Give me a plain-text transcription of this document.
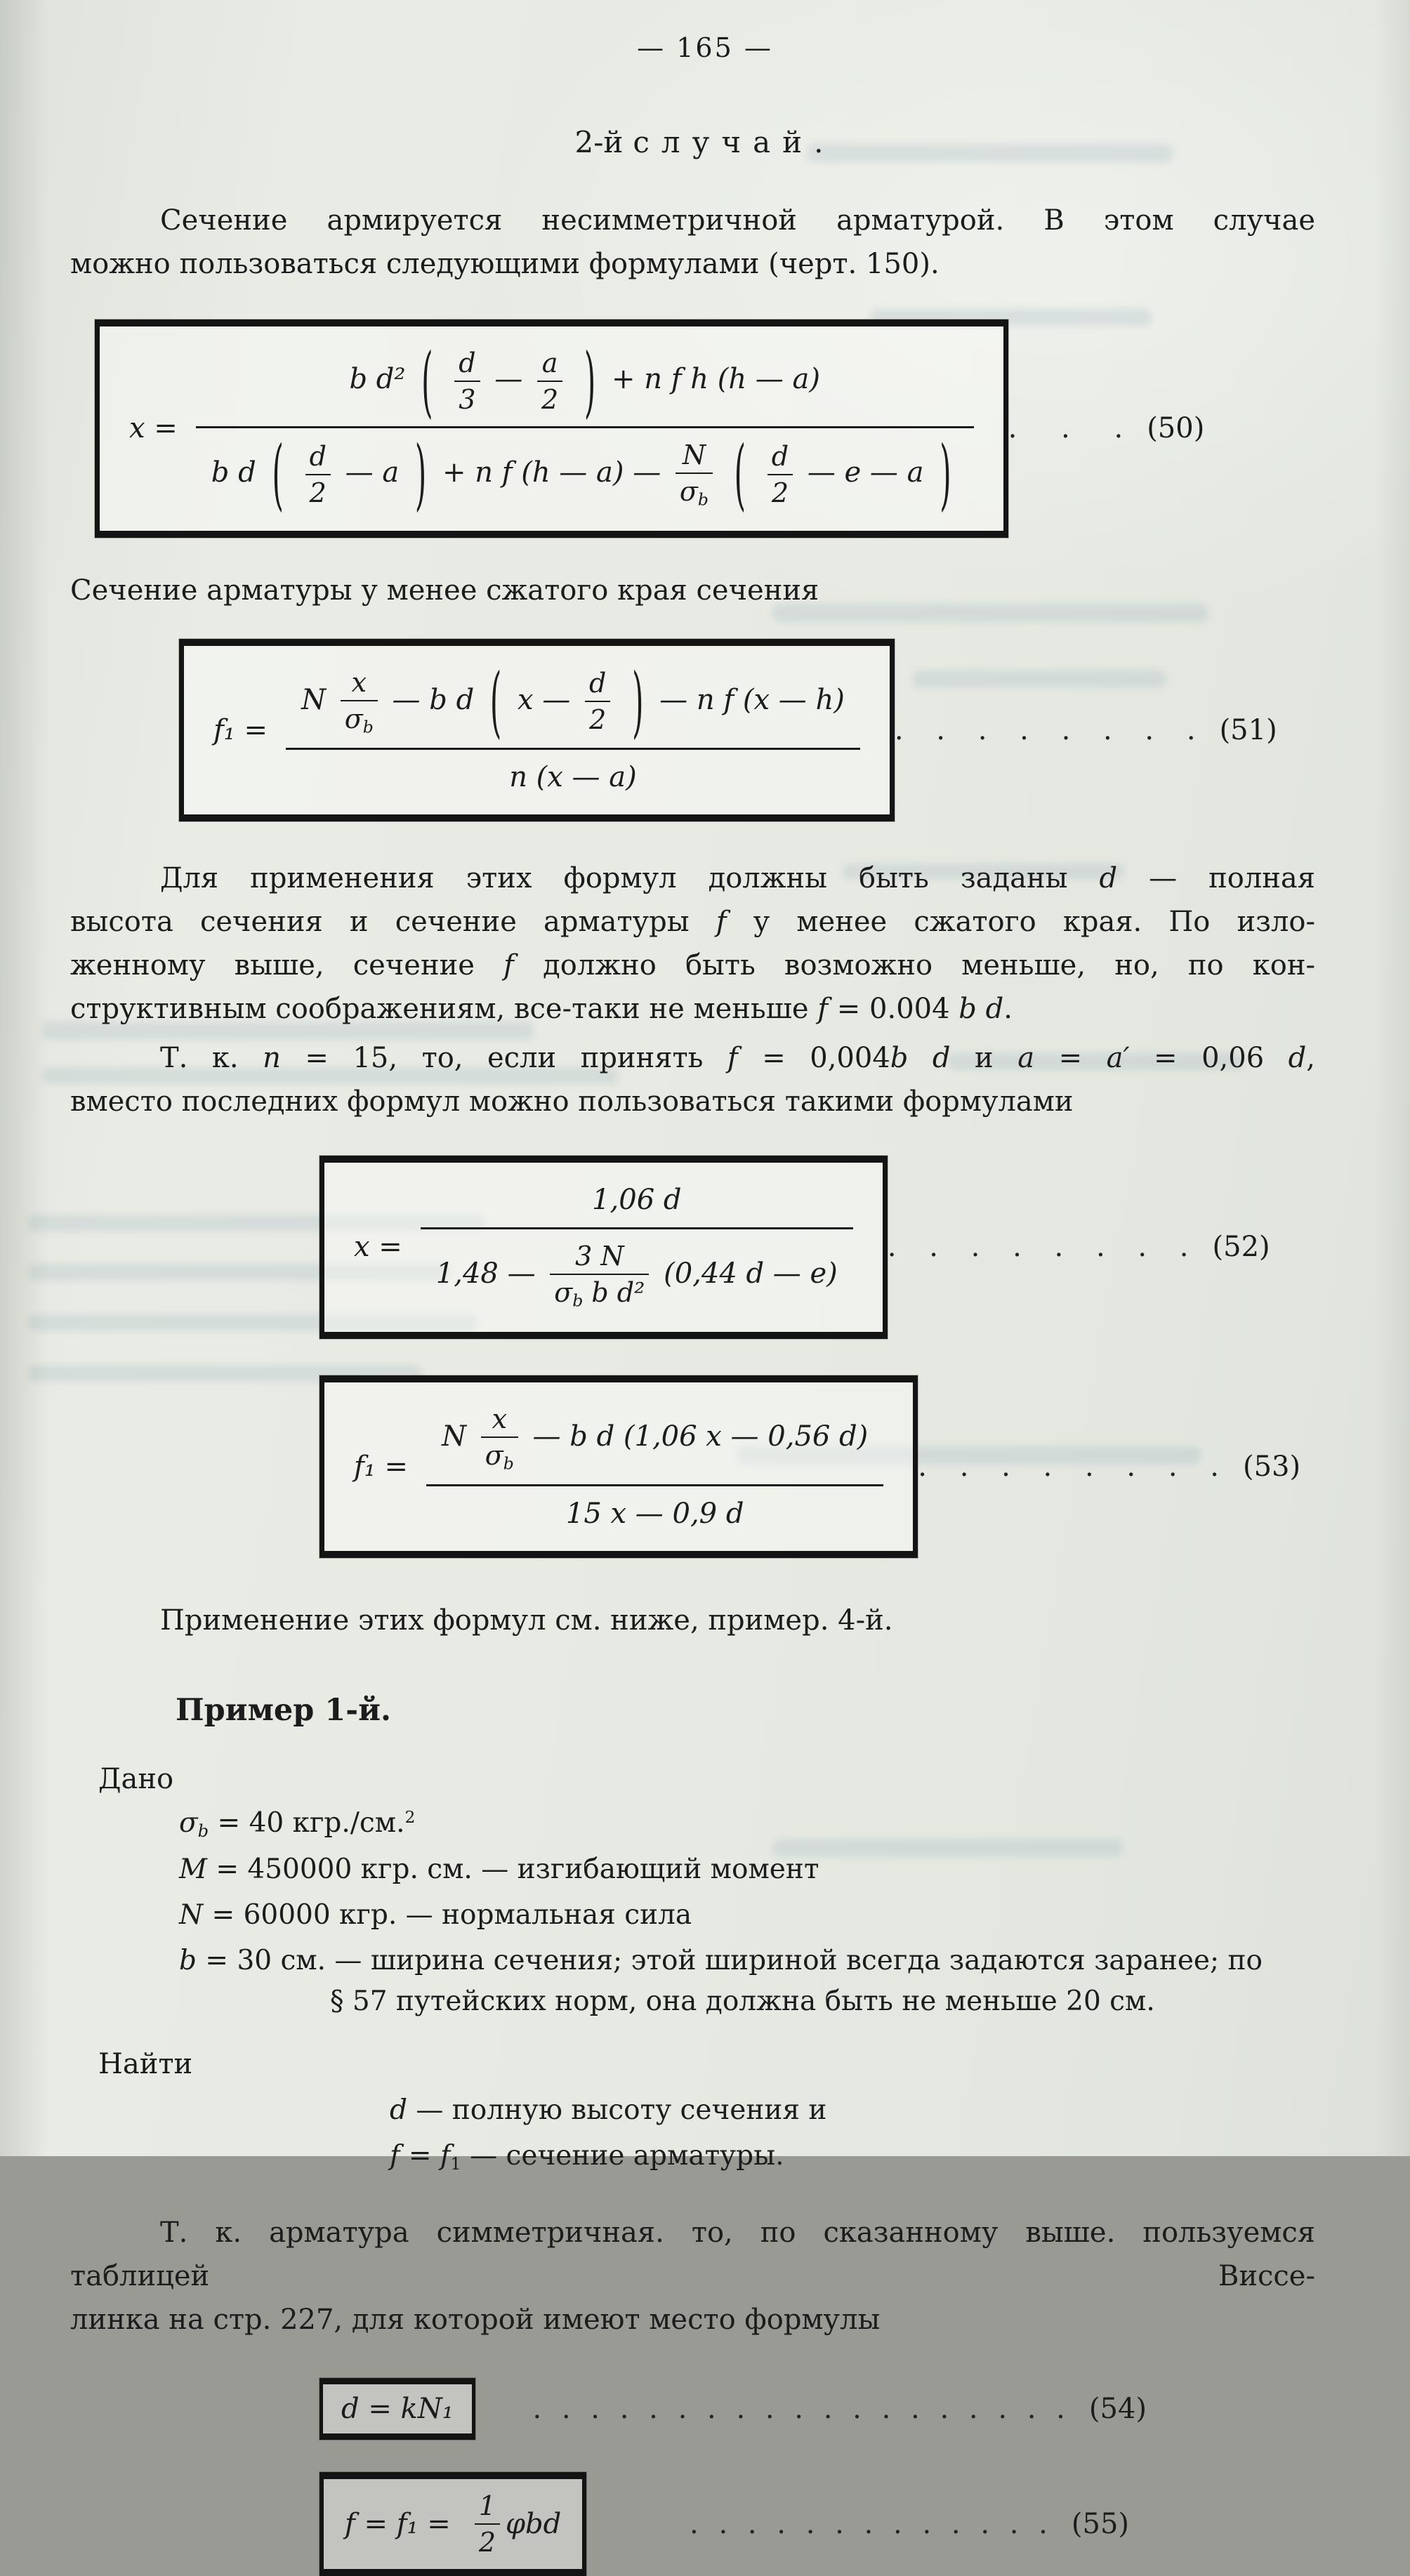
— 165 —
2-й случай.
Сечение армируется несимметричной арматурой. В этом случае
можно пользоваться следующими формулами (черт. 150).
x =
b d² ( $\frac{d}{3}$ — $\frac{a}{2}$ ) + n f h (h — a)
b d ( $\frac{d}{2}$ — a ) + n f (h — a) — $\frac{N}{\sigma b}$ ( $\frac{d}{2}$ — e — a )
. . . (50)
Сечение арматуры у менее сжатого края сечения
f₁ =
N $\frac{x}{\sigma b}$ — b d ( x — $\frac{d}{2}$ ) — n f (x — h)
n (x — a)
. . . . . . . . (51)
Для применения этих формул должны быть заданы d — полная
высота сечения и сечение арматуры f у менее сжатого края. По изло-
женному выше, сечение f должно быть возможно меньше, но, по кон-
структивным соображениям, все-таки не меньше f = 0.004 b d.
Т. к. n = 15, то, если принять f = 0,004b d и a = a′ = 0,06 d,
вместо последних формул можно пользоваться такими формулами
x =
1,06 d
1,48 — $\frac{3 N}{\text{σb b d²}} (0,44$ d — e)
. . . . . . . . (52)
f₁ =
N $\frac{x}{\sigma b}$ — b d (1,06 x — 0,56 d)
15 x — 0,9 d
. . . . . . . . (53)
Применение этих формул см. ниже, пример. 4-й.
Пример 1-й.
Дано
σb = 40 кгр./см.$^2$
M = 450000 кгр. см. — изгибающий момент
N = 60000 кгр. — нормальная сила
b = 30 см. — ширина сечения; этой шириной всегда задаются заранее; по
§ 57 путейских норм, она должна быть не меньше 20 см.
Найти
d — полную высоту сечения и
f = f1 — сечение арматуры.
Т. к. арматура симметричная. то, по сказанному выше. пользуемся таблицей Виссе-
линка на стр. 227, для которой имеют место формулы
d = kN₁	. . . . . . . . . . . . . . . . . . . (54)
$f = f_1 = \frac{1}{2}$ φbd	. . . . . . . . . . . . . (55)
